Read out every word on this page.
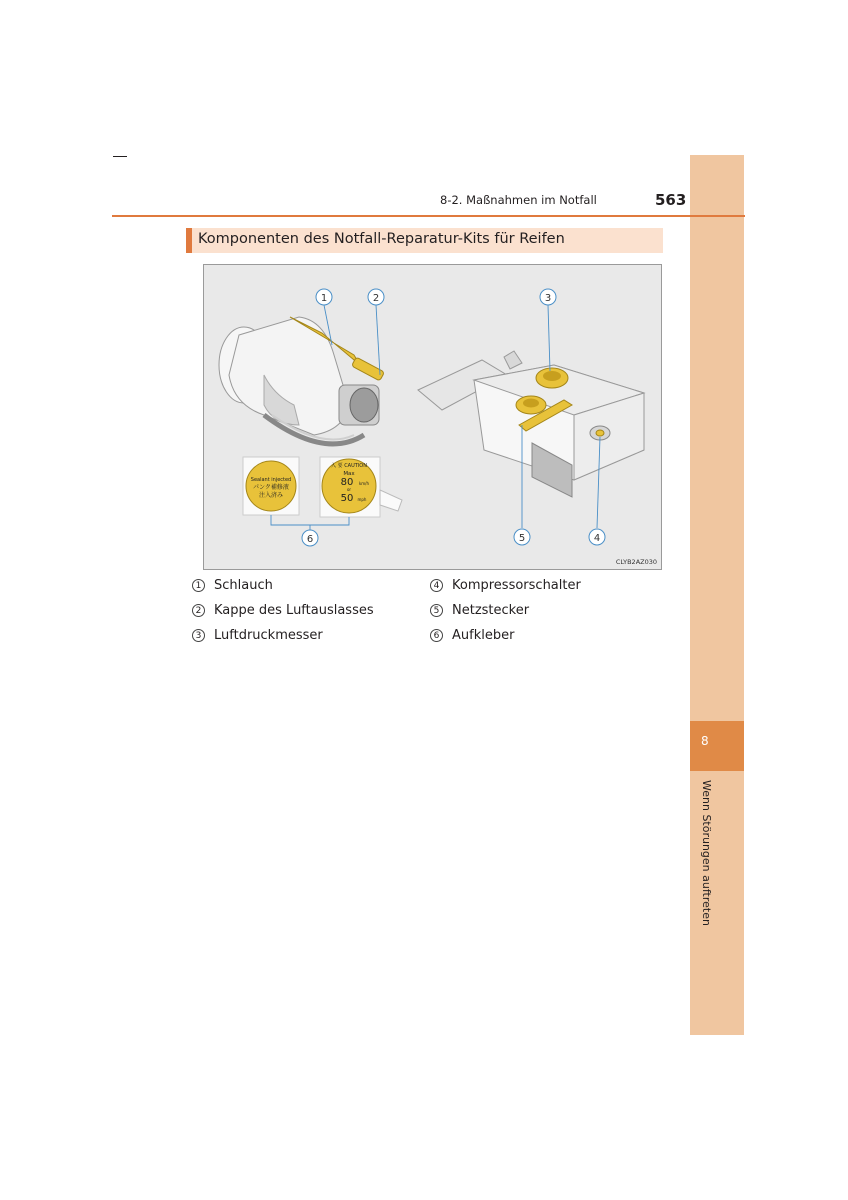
8
Wenn Störungen auftreten
8-2. Maßnahmen im Notfall	563
Komponenten des Notfall-Reparatur-Kits für Reifen
Sealant injected
パンク補修液
注入済み
入 要 CAUTION
Max
80 km/h
or
50 mph
1	2	3
4
5
6
CLYB2AZ030
1 Schlauch
2 Kappe des Luftauslasses
3 Luftdruckmesser
4 Kompressorschalter
5 Netzstecker
6 Aufkleber
